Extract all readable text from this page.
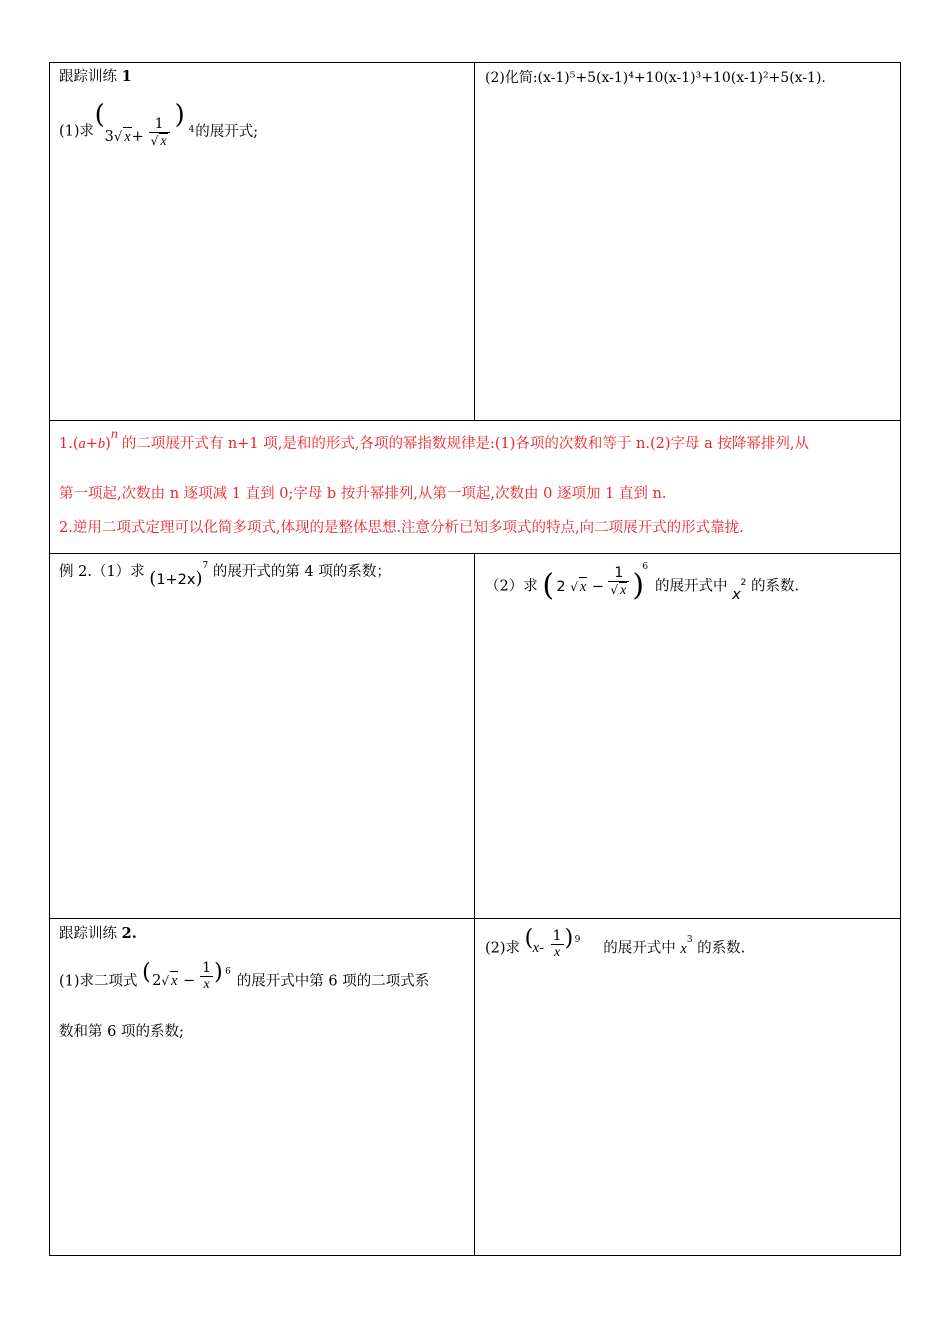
跟踪训练 1
(1)求
(
3√ $x+ \frac{1}{√ x}$
) 4 的展开式;
(2)化简:(x-1)⁵+5(x-1)⁴+10(x-1)³+10(x-1)²+5(x-1).
1.(a+b)n的二项展开式有 n+1 项,是和的形式,各项的幂指数规律是:(1)各项的次数和等于 n.(2)字母 a 按降幂排列,从
第一项起,次数由 n 逐项减 1 直到 0;字母 b 按升幂排列,从第一项起,次数由 0 逐项加 1 直到 n.
2.逆用二项式定理可以化简多项式,体现的是整体思想.注意分析已知多项式的特点,向二项展开式的形式靠拢.
例 2.（1）求 $(1+2x)^7$ 的展开式的第 4 项的系数；
（2）求 ( 2 √ $x - \frac{1}{√ x}$ )
6
的展开式中 $x^2$ 的系数.
跟踪训练 2.
(1)求二项式 ( 2√ $x - \frac{1}{x}$ ) 6
的展开式中第 6 项的二项式系
数和第 6 项的系数;
(2)求 ( $x- \frac{1}{x}$ ) 9
的展开式中 $x^3$ 的系数.
